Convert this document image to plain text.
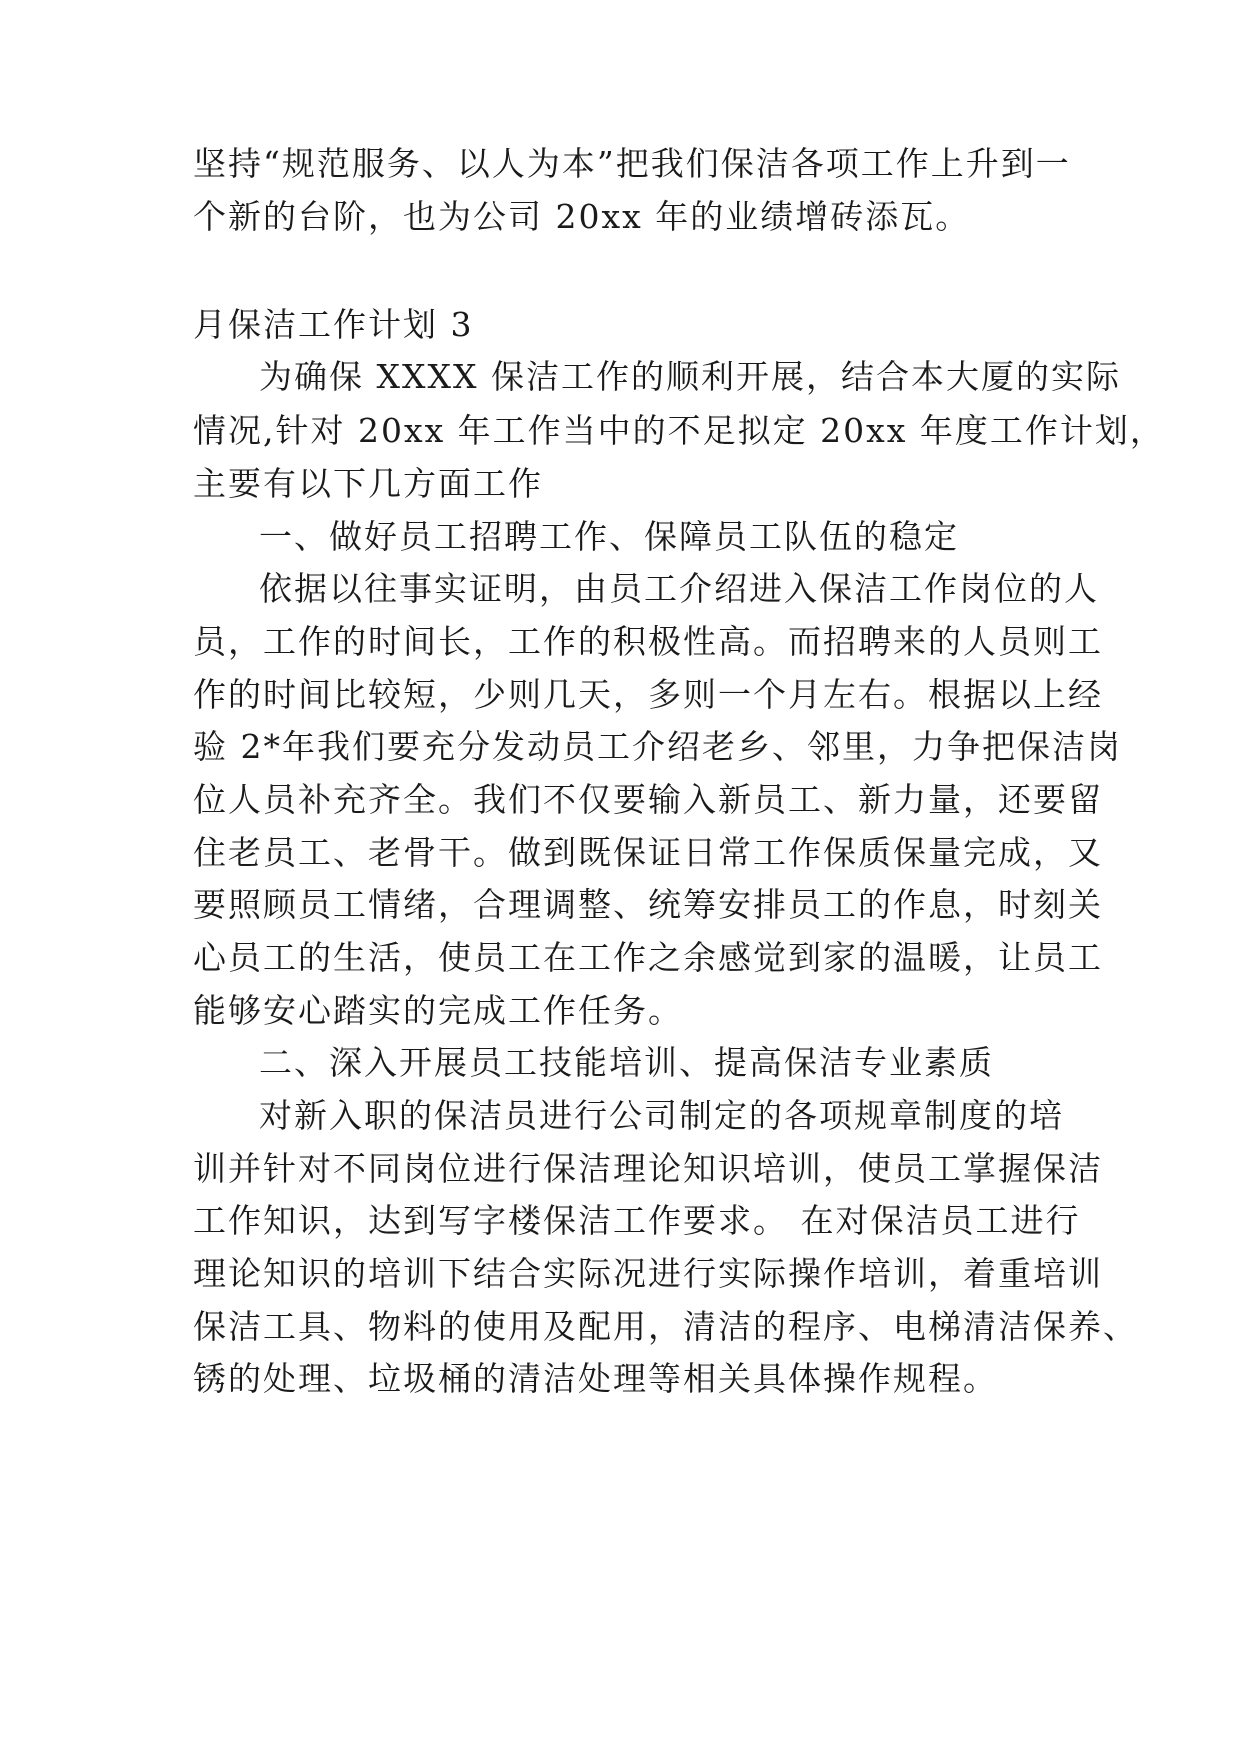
坚持“规范服务、以人为本”把我们保洁各项工作上升到一
个新的台阶，也为公司 20xx 年的业绩增砖添瓦。
月保洁工作计划 3
为确保 XXXX 保洁工作的顺利开展，结合本大厦的实际
情况,针对 20xx 年工作当中的不足拟定 20xx 年度工作计划，
主要有以下几方面工作
一、做好员工招聘工作、保障员工队伍的稳定
依据以往事实证明，由员工介绍进入保洁工作岗位的人
员，工作的时间长，工作的积极性高。而招聘来的人员则工
作的时间比较短，少则几天，多则一个月左右。根据以上经
验 2*年我们要充分发动员工介绍老乡、邻里，力争把保洁岗
位人员补充齐全。我们不仅要输入新员工、新力量，还要留
住老员工、老骨干。做到既保证日常工作保质保量完成，又
要照顾员工情绪，合理调整、统筹安排员工的作息，时刻关
心员工的生活，使员工在工作之余感觉到家的温暖，让员工
能够安心踏实的完成工作任务。
二、深入开展员工技能培训、提高保洁专业素质
对新入职的保洁员进行公司制定的各项规章制度的培
训并针对不同岗位进行保洁理论知识培训，使员工掌握保洁
工作知识，达到写字楼保洁工作要求。 在对保洁员工进行
理论知识的培训下结合实际况进行实际操作培训，着重培训
保洁工具、物料的使用及配用，清洁的程序、电梯清洁保养、
锈的处理、垃圾桶的清洁处理等相关具体操作规程。
